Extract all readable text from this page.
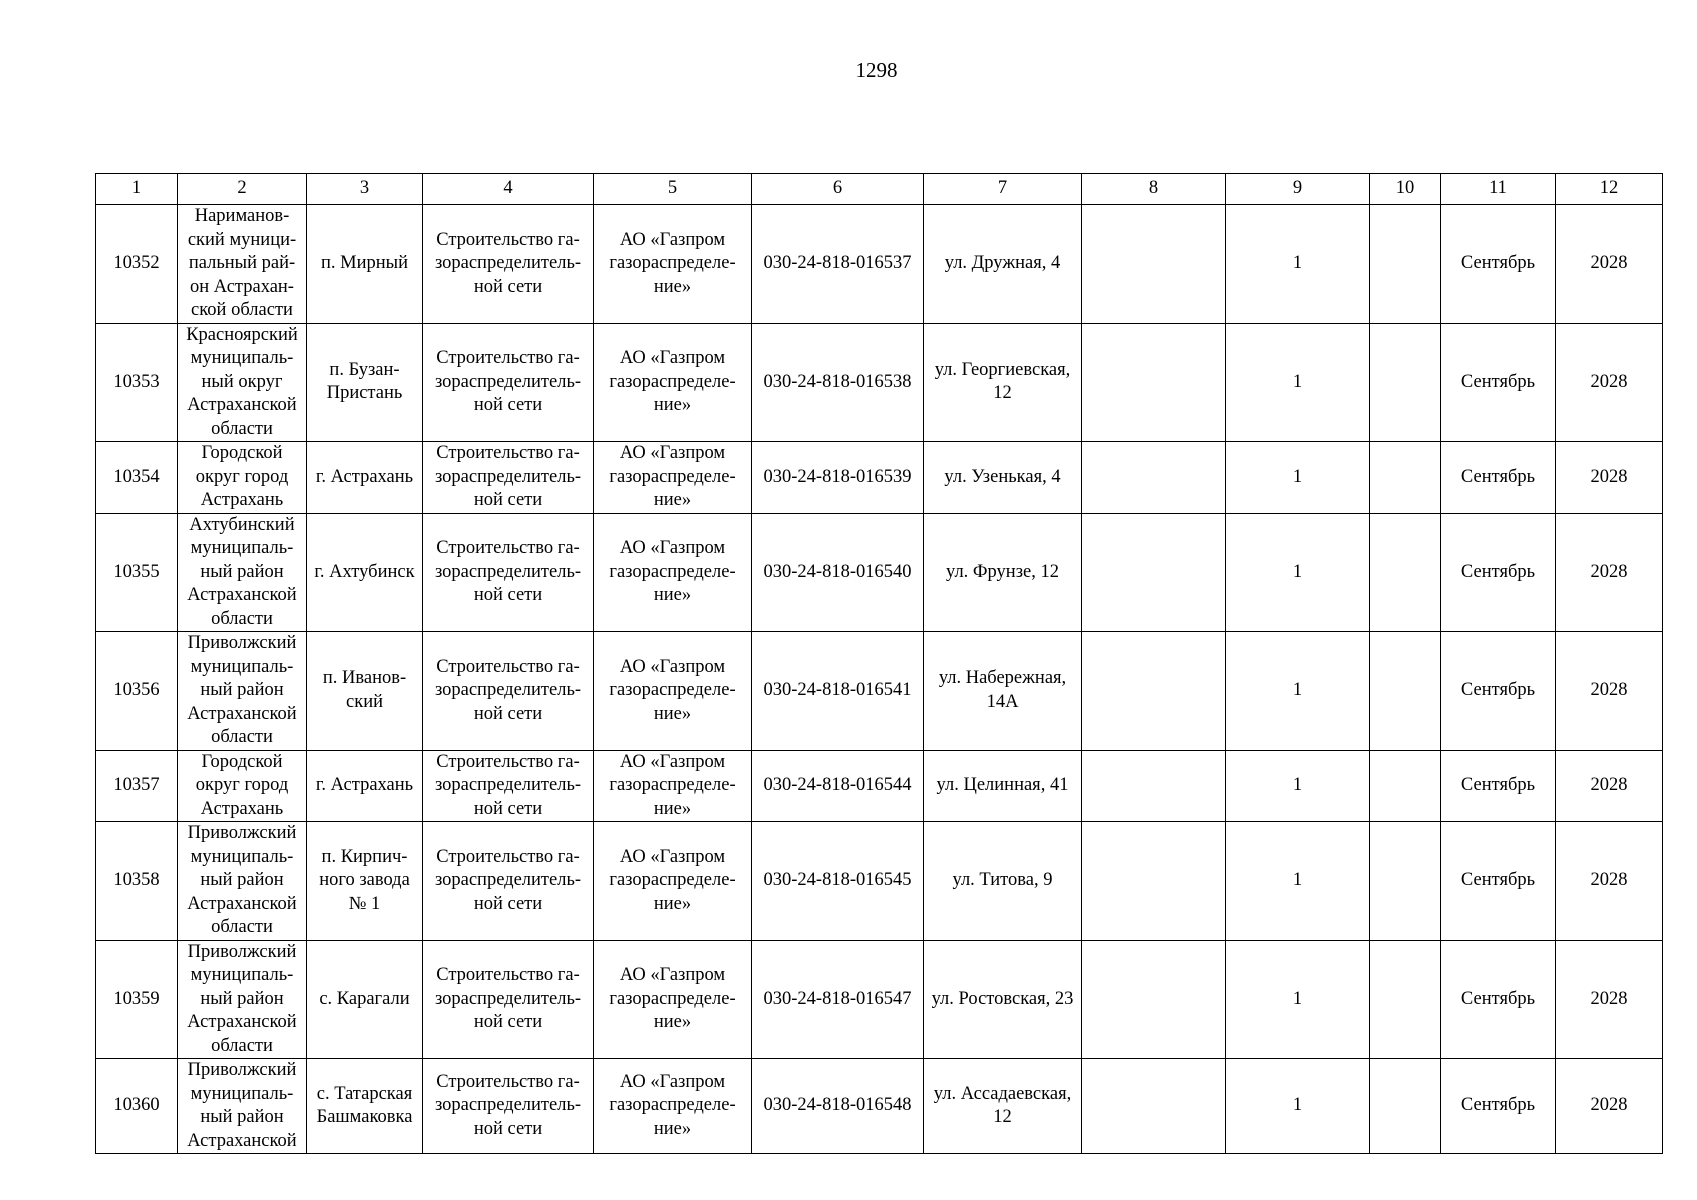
1298
1	2	3	4	5	6	7	8	9	10	11	12
10352	Нариманов-
ский муници-
пальный рай-
он Астрахан-
ской области	п. Мирный	Строительство га-
зораспределитель-
ной сети	АО «Газпром
газораспределе-
ние»	030-24-818-016537	ул. Дружная, 4		1		Сентябрь	2028
10353	Красноярский
муниципаль-
ный округ
Астраханской
области	п. Бузан-
Пристань	Строительство га-
зораспределитель-
ной сети	АО «Газпром
газораспределе-
ние»	030-24-818-016538	ул. Георгиевская,
12		1		Сентябрь	2028
10354	Городской
округ город
Астрахань	г. Астрахань	Строительство га-
зораспределитель-
ной сети	АО «Газпром
газораспределе-
ние»	030-24-818-016539	ул. Узенькая, 4		1		Сентябрь	2028
10355	Ахтубинский
муниципаль-
ный район
Астраханской
области	г. Ахтубинск	Строительство га-
зораспределитель-
ной сети	АО «Газпром
газораспределе-
ние»	030-24-818-016540	ул. Фрунзе, 12		1		Сентябрь	2028
10356	Приволжский
муниципаль-
ный район
Астраханской
области	п. Иванов-
ский	Строительство га-
зораспределитель-
ной сети	АО «Газпром
газораспределе-
ние»	030-24-818-016541	ул. Набережная,
14А		1		Сентябрь	2028
10357	Городской
округ город
Астрахань	г. Астрахань	Строительство га-
зораспределитель-
ной сети	АО «Газпром
газораспределе-
ние»	030-24-818-016544	ул. Целинная, 41		1		Сентябрь	2028
10358	Приволжский
муниципаль-
ный район
Астраханской
области	п. Кирпич-
ного завода
№ 1	Строительство га-
зораспределитель-
ной сети	АО «Газпром
газораспределе-
ние»	030-24-818-016545	ул. Титова, 9		1		Сентябрь	2028
10359	Приволжский
муниципаль-
ный район
Астраханской
области	с. Карагали	Строительство га-
зораспределитель-
ной сети	АО «Газпром
газораспределе-
ние»	030-24-818-016547	ул. Ростовская, 23		1		Сентябрь	2028
10360	Приволжский
муниципаль-
ный район
Астраханской	с. Татарская
Башмаковка	Строительство га-
зораспределитель-
ной сети	АО «Газпром
газораспределе-
ние»	030-24-818-016548	ул. Ассадаевская,
12		1		Сентябрь	2028
